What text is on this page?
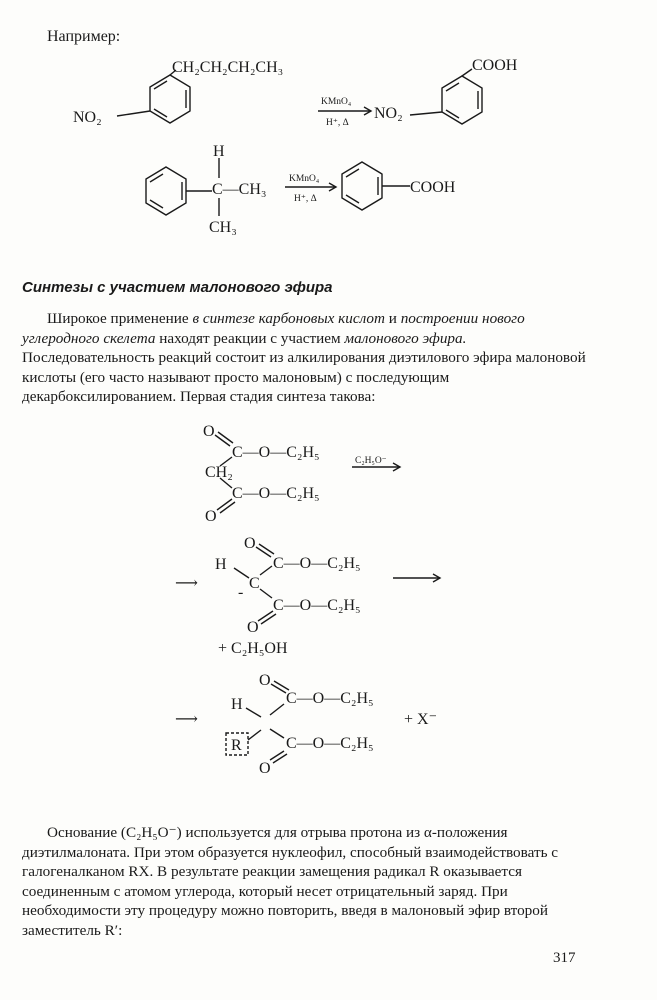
Например:
CH₂CH₂CH₂CH₃
NO₂
KMnO₄
H⁺, Δ
NO₂
COOH
H
C—CH₃
CH₃
KMnO₄
H⁺, Δ
COOH
O
C—O—C₂H₅
CH₂
C—O—C₂H₅
O
C₂H₅O⁻
⟶
O
H	C—O—C₂H₅
C
-
C—O—C₂H₅
O
+ C₂H₅OH
⟶
O
H	C—O—C₂H₅
R	C—O—C₂H₅
O
+ X⁻
Синтезы с участием малонового эфира
Широкое применение в синтезе карбоновых кислот и построении нового углеродного скелета находят реакции с участием малонового эфира. Последовательность реакций состоит из алкилирования диэтилового эфира малоновой кислоты (его часто называют просто малоновым) с последующим декарбоксилированием. Первая стадия синтеза такова:
Основание (C₂H₅O⁻) используется для отрыва протона из α-положения диэтилмалоната. При этом образуется нуклеофил, способный взаимодействовать с галогеналканом RX. В результате реакции замещения радикал R оказывается соединенным с атомом углерода, который несет отрицательный заряд. При необходимости эту процедуру можно повторить, введя в малоновый эфир второй заместитель R′:
317
